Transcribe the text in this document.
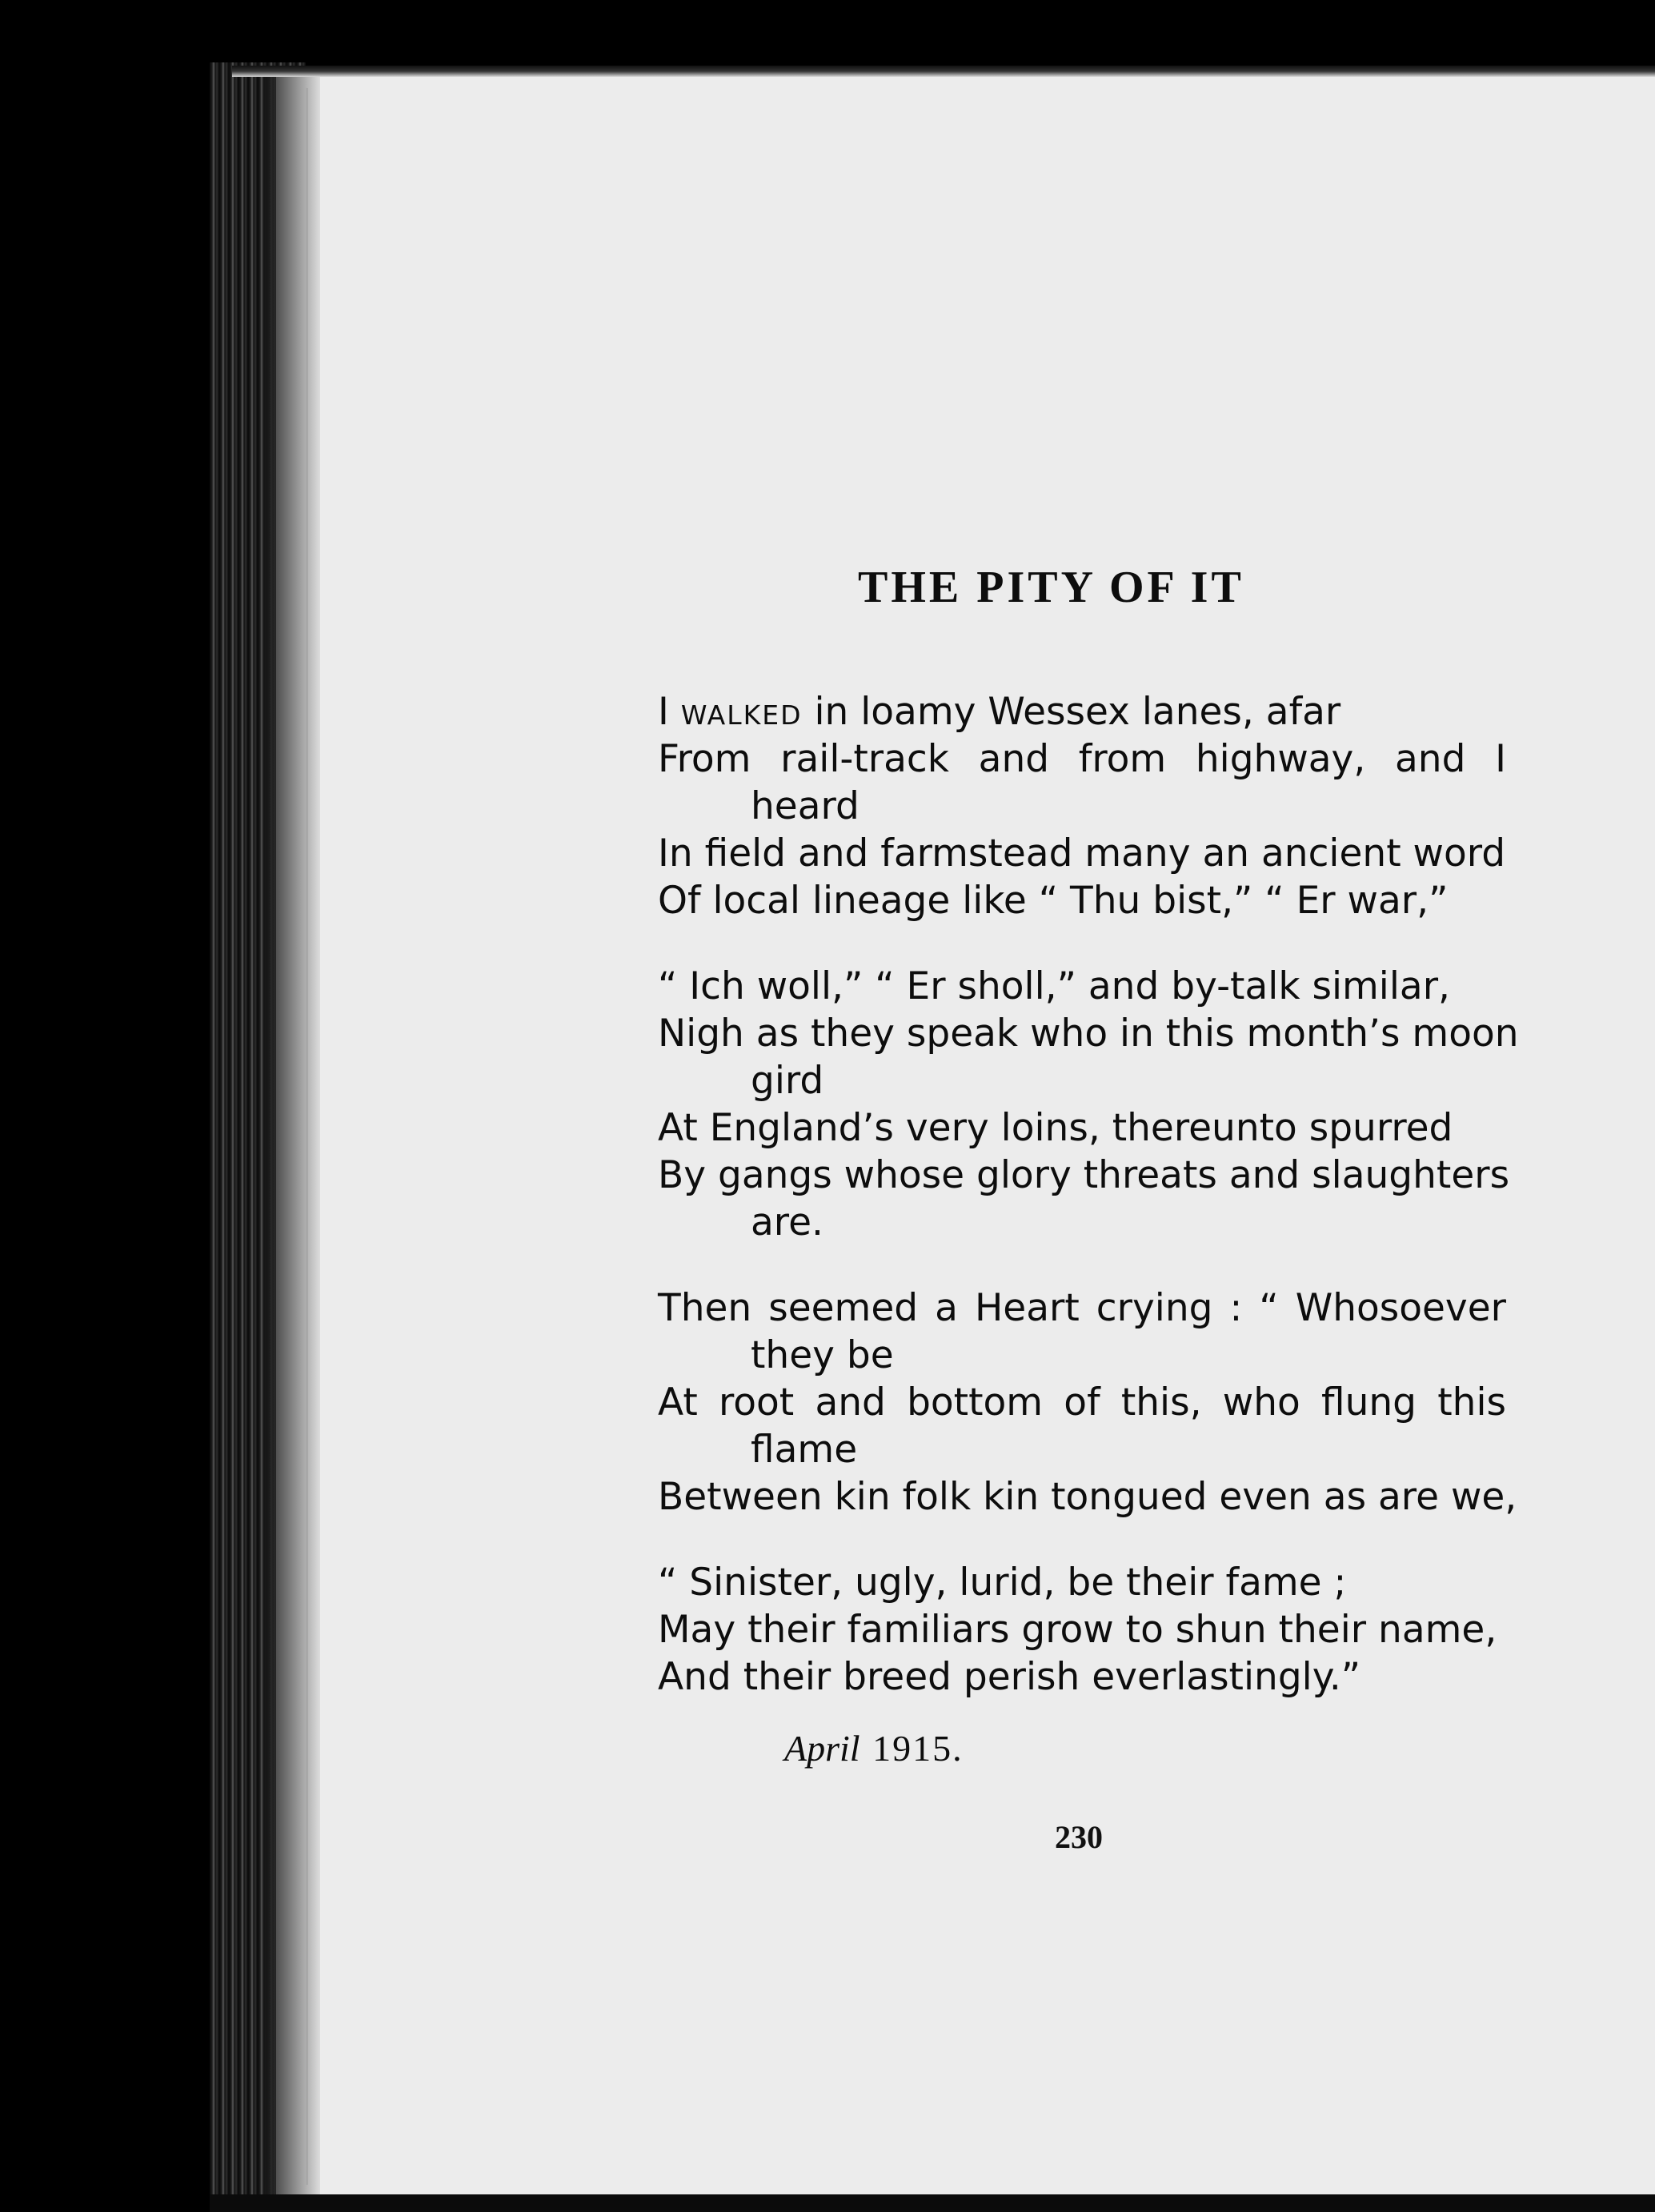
THE PITY OF IT
I walked in loamy Wessex lanes, afar
From rail-track and from highway, and I
heard
In field and farmstead many an ancient word
Of local lineage like “ Thu bist,” “ Er war,”
“ Ich woll,” “ Er sholl,” and by-talk similar,
Nigh as they speak who in this month’s moon
gird
At England’s very loins, thereunto spurred
By gangs whose glory threats and slaughters
are.
Then seemed a Heart crying : “ Whosoever
they be
At root and bottom of this, who flung this
flame
Between kin folk kin tongued even as are we,
“ Sinister, ugly, lurid, be their fame ;
May their familiars grow to shun their name,
And their breed perish everlastingly.”
April 1915.
230
